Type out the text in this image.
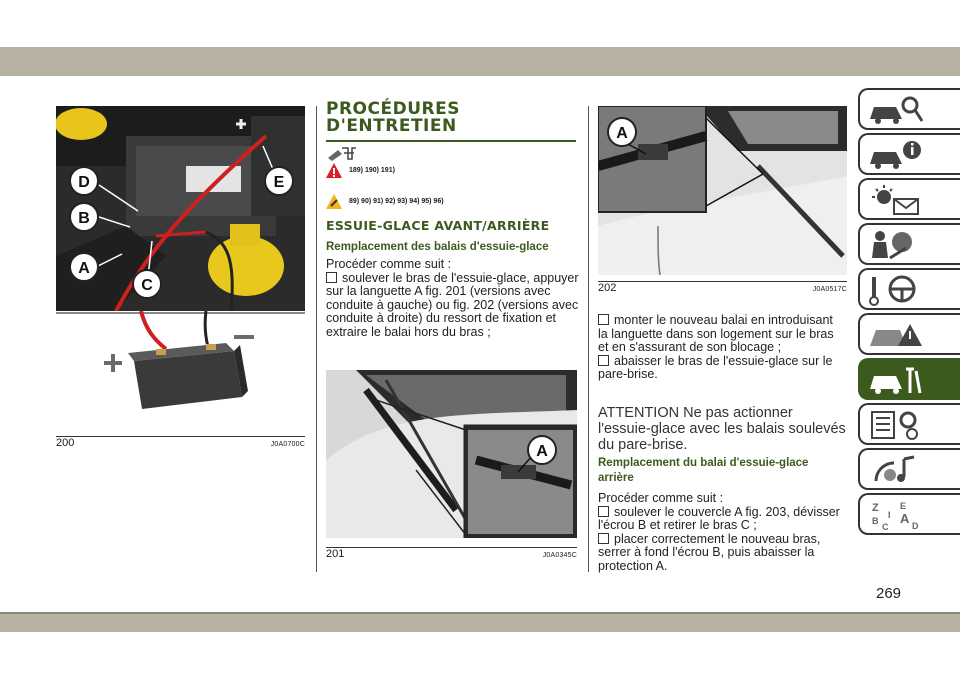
D
B
A
C
E
200	J0A0700C
PROCÉDURES
D'ENTRETIEN
189) 190) 191)
89) 90) 91) 92) 93) 94) 95) 96)
ESSUIE-GLACE AVANT/ARRIÈRE
Remplacement des balais d'essuie-glace
Procéder comme suit :
soulever le bras de l'essuie-glace, appuyer sur la languette A fig. 201 (versions avec conduite à gauche) ou fig. 202 (versions avec conduite à droite) du ressort de fixation et extraire le balai hors du bras ;
A
201	J0A0345C
A
202	J0A0517C
monter le nouveau balai en introduisant la languette dans son logement sur le bras et en s'assurant de son blocage ;
abaisser le bras de l'essuie-glace sur le pare-brise.
ATTENTION Ne pas actionner l'essuie-glace avec les balais soulevés du pare-brise.
Remplacement du balai d'essuie-glace arrière
Procéder comme suit :
soulever le couvercle A fig. 203, dévisser l'écrou B et retirer le bras C ;
placer correctement le nouveau bras, serrer à fond l'écrou B, puis abaisser la protection A.
Z E
A
B
C	D
I
269
